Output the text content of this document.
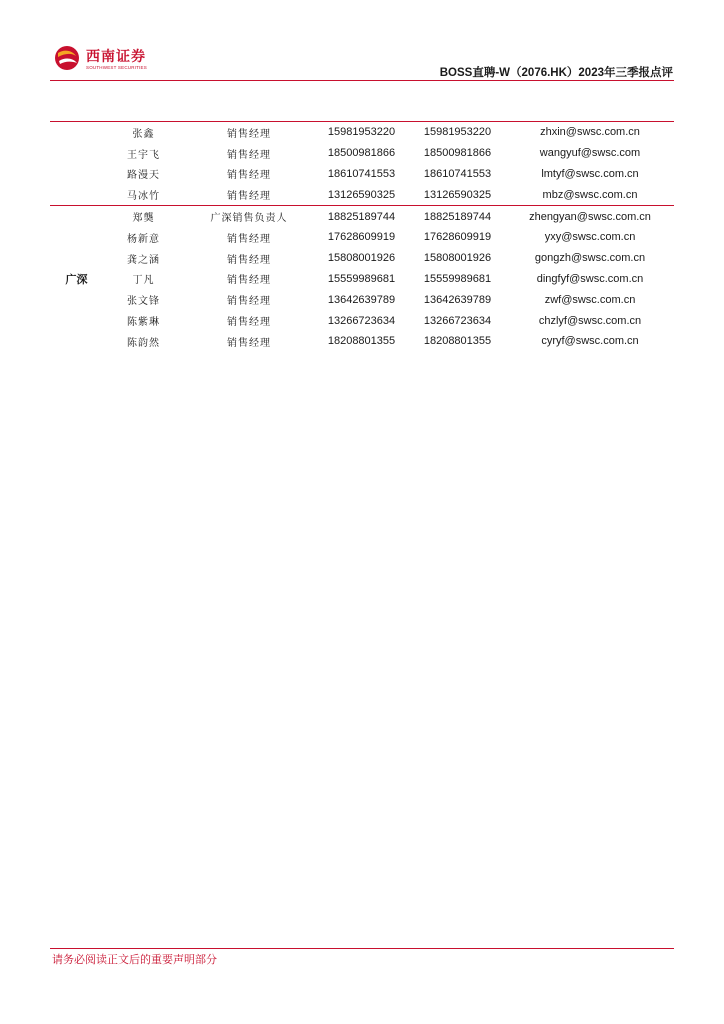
西南证券
SOUTHWEST SECURITIES	BOSS直聘-W（2076.HK）2023年三季报点评
	张鑫	销售经理	15981953220	15981953220	zhxin@swsc.com.cn
	王宇飞	销售经理	18500981866	18500981866	wangyuf@swsc.com
	路漫天	销售经理	18610741553	18610741553	lmtyf@swsc.com.cn
	马冰竹	销售经理	13126590325	13126590325	mbz@swsc.com.cn
广深	郑龑	广深销售负责人	18825189744	18825189744	zhengyan@swsc.com.cn
	杨新意	销售经理	17628609919	17628609919	yxy@swsc.com.cn
	龚之涵	销售经理	15808001926	15808001926	gongzh@swsc.com.cn
	丁凡	销售经理	15559989681	15559989681	dingfyf@swsc.com.cn
	张文锋	销售经理	13642639789	13642639789	zwf@swsc.com.cn
	陈紫琳	销售经理	13266723634	13266723634	chzlyf@swsc.com.cn
	陈韵然	销售经理	18208801355	18208801355	cyryf@swsc.com.cn
请务必阅读正文后的重要声明部分
